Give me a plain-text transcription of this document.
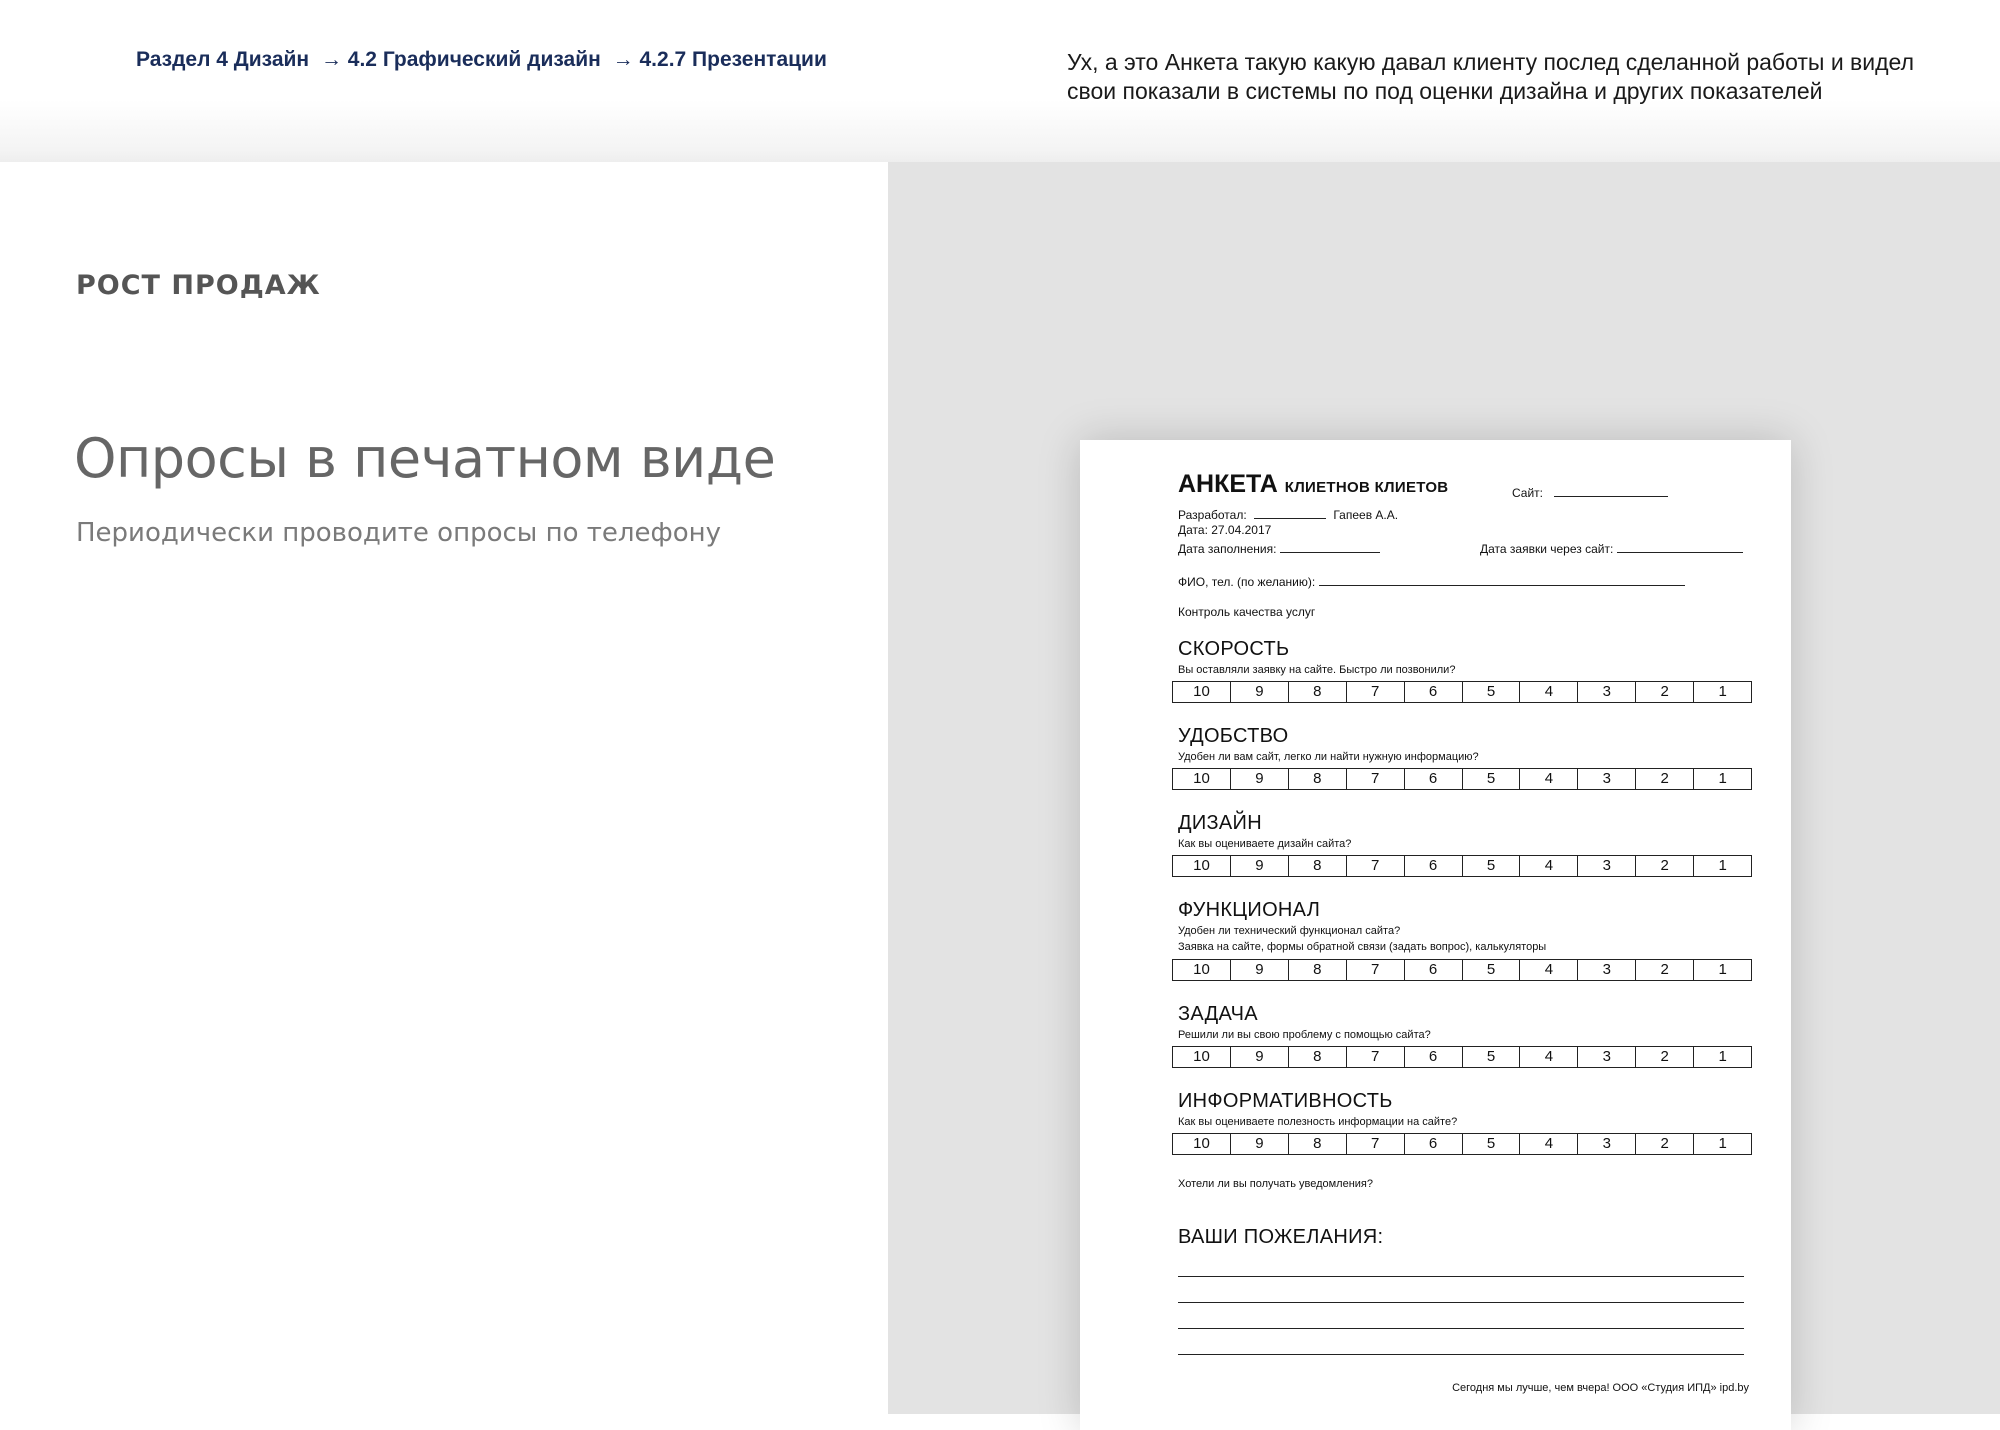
Раздел 4 Дизайн → 4.2 Графический дизайн → 4.2.7 Презентации	Ух, а это Анкета такую какую давал клиенту послед сделанной работы и видел свои показали в системы по под оценки дизайна и других показателей
РОСТ ПРОДАЖ
Опросы в печатном виде
Периодически проводите опросы по телефону
АНКЕТА КЛИЕТНОВ КЛИЕТОВ	Сайт:
Разработал:	Гапеев А.А.
Дата: 27.04.2017
Дата заполнения:	Дата заявки через сайт:
ФИО, тел. (по желанию):
Контроль качества услуг
СКОРОСТЬ
Вы оставляли заявку на сайте. Быстро ли позвонили?
10	9	8	7	6	5	4	3	2	1
УДОБСТВО
Удобен ли вам сайт, легко ли найти нужную информацию?
10	9	8	7	6	5	4	3	2	1
ДИЗАЙН
Как вы оцениваете дизайн сайта?
10	9	8	7	6	5	4	3	2	1
ФУНКЦИОНАЛ
Удобен ли технический функционал сайта?
Заявка на сайте, формы обратной связи (задать вопрос), калькуляторы
10	9	8	7	6	5	4	3	2	1
ЗАДАЧА
Решили ли вы свою проблему с помощью сайта?
10	9	8	7	6	5	4	3	2	1
ИНФОРМАТИВНОСТЬ
Как вы оцениваете полезность информации на сайте?
10	9	8	7	6	5	4	3	2	1
Хотели ли вы получать уведомления?
ВАШИ ПОЖЕЛАНИЯ:
Сегодня мы лучше, чем вчера! ООО «Студия ИПД» ipd.by
